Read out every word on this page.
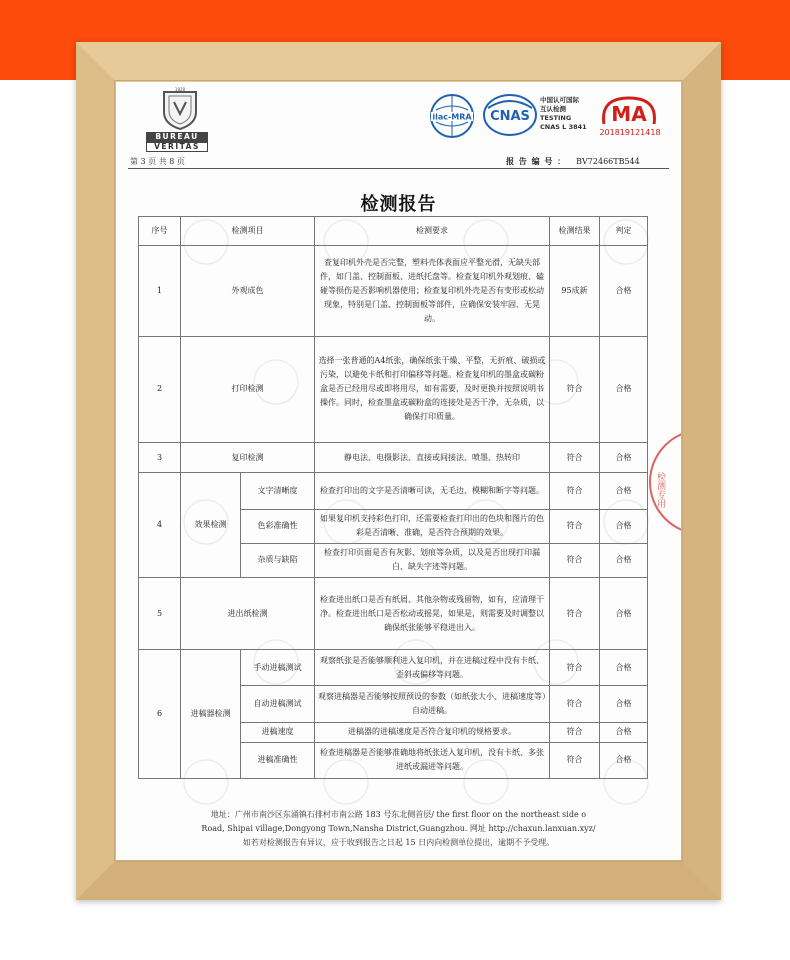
1828
BUREAU
VERITAS
ilac-MRA CNAS
中国认可国际
互认检测
TESTING
CNAS L 3841
MA
201819121418
第 3 页 共 8 页	报 告 编 号 ： BV72466TB544
检测报告
序号	检测项目		检测要求	检测结果	判定
1	外观成色		查复印机外壳是否完整，塑料壳体表面应平整光滑，无缺失部件，如门盖、控制面板、进纸托盘等。检查复印机外观划痕、磕碰等损伤是否影响机器使用；检查复印机外壳是否有变形或松动现象，特别是门盖、控制面板等部件，应确保安装牢固、无晃动。	95成新	合格
2	打印检测		选择一张普通的A4纸张，确保纸张干燥、平整，无折痕、破损或污染，以避免卡纸和打印偏移等问题。检查复印机的墨盒或碳粉盒是否已经用尽或即将用尽，如有需要，及时更换并按照说明书操作。同时，检查墨盒或碳粉盒的连接处是否干净、无杂质，以确保打印质量。	符合	合格
3	复印检测		静电法、电摄影法、直接或间接法、喷墨、热转印	符合	合格
4	效果检测	文字清晰度	检查打印出的文字是否清晰可读，无毛边、模糊和断字等问题。	符合	合格
		色彩准确性	如果复印机支持彩色打印，还需要检查打印出的色块和图片的色彩是否清晰、准确，是否符合预期的效果。	符合	合格
		杂质与缺陷	检查打印页面是否有灰影、划痕等杂质，以及是否出现打印漏白、缺失字迹等问题。	符合	合格
5	进出纸检测		检查进出纸口是否有纸屑、其他杂物或残留物，如有，应清理干净。检查进出纸口是否松动或摇晃，如果是，则需要及时调整以确保纸张能够平稳进出入。	符合	合格
6	进稿器检测	手动进稿测试	观察纸张是否能够顺利进入复印机，并在进稿过程中没有卡纸、歪斜或偏移等问题。	符合	合格
		自动进稿测试	观察进稿器是否能够按照预设的参数（如纸张大小、进稿速度等）自动进稿。	符合	合格
		进稿速度	进稿器的进稿速度是否符合复印机的规格要求。	符合	合格
		进稿准确性	检查进稿器是否能够准确地将纸张送入复印机，没有卡纸、多张进纸或漏进等问题。	符合	合格
地址：广州市南沙区东涌镇石排村市南公路 183 号东北侧首层/ the first floor on the northeast side o
Road, Shipai village,Dongyong Town,Nansha District,Guangzhou. 网址 http://chaxun.lanxuan.xyz/
如若对检测报告有异议，应于收到报告之日起 15 日内向检测单位提出，逾期不予受理。
检测专用
